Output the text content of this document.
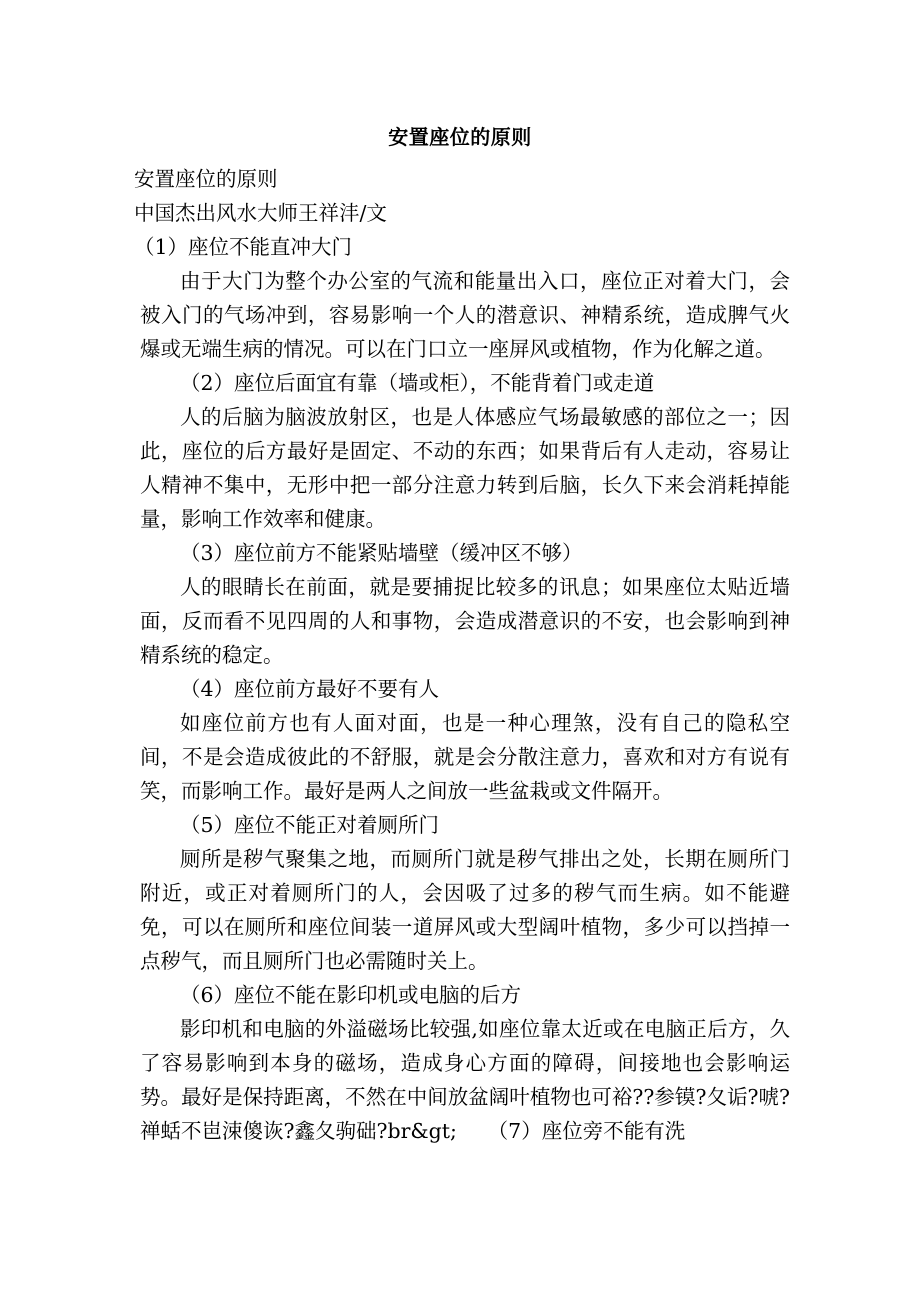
安置座位的原则

安置座位的原则

中国杰出风水大师王祥沣/文

（1）座位不能直冲大门

由于大门为整个办公室的气流和能量出入口，座位正对着大门，会被入门的气场冲到，容易影响一个人的潜意识、神精系统，造成脾气火爆或无端生病的情况。可以在门口立一座屏风或植物，作为化解之道。

（2）座位后面宜有靠（墙或柜），不能背着门或走道

人的后脑为脑波放射区，也是人体感应气场最敏感的部位之一；因此，座位的后方最好是固定、不动的东西；如果背后有人走动，容易让人精神不集中，无形中把一部分注意力转到后脑，长久下来会消耗掉能量，影响工作效率和健康。

（3）座位前方不能紧贴墙壁（缓冲区不够）

人的眼睛长在前面，就是要捕捉比较多的讯息；如果座位太贴近墙面，反而看不见四周的人和事物，会造成潜意识的不安，也会影响到神精系统的稳定。

（4）座位前方最好不要有人

如座位前方也有人面对面，也是一种心理煞，没有自己的隐私空间，不是会造成彼此的不舒服，就是会分散注意力，喜欢和对方有说有笑，而影响工作。最好是两人之间放一些盆栽或文件隔开。

（5）座位不能正对着厕所门

厕所是秽气聚集之地，而厕所门就是秽气排出之处，长期在厕所门附近，或正对着厕所门的人，会因吸了过多的秽气而生病。如不能避免，可以在厕所和座位间装一道屏风或大型阔叶植物，多少可以挡掉一点秽气，而且厕所门也必需随时关上。

（6）座位不能在影印机或电脑的后方

影印机和电脑的外溢磁场比较强,如座位靠太近或在电脑正后方，久了容易影响到本身的磁场，造成身心方面的障碍，间接地也会影响运势。最好是保持距离，不然在中间放盆阔叶植物也可裕??参镆?夂诟?唬?禅蛞不岜涑傻诙?鑫夂驹础?br&gt;　　（7）座位旁不能有洗
